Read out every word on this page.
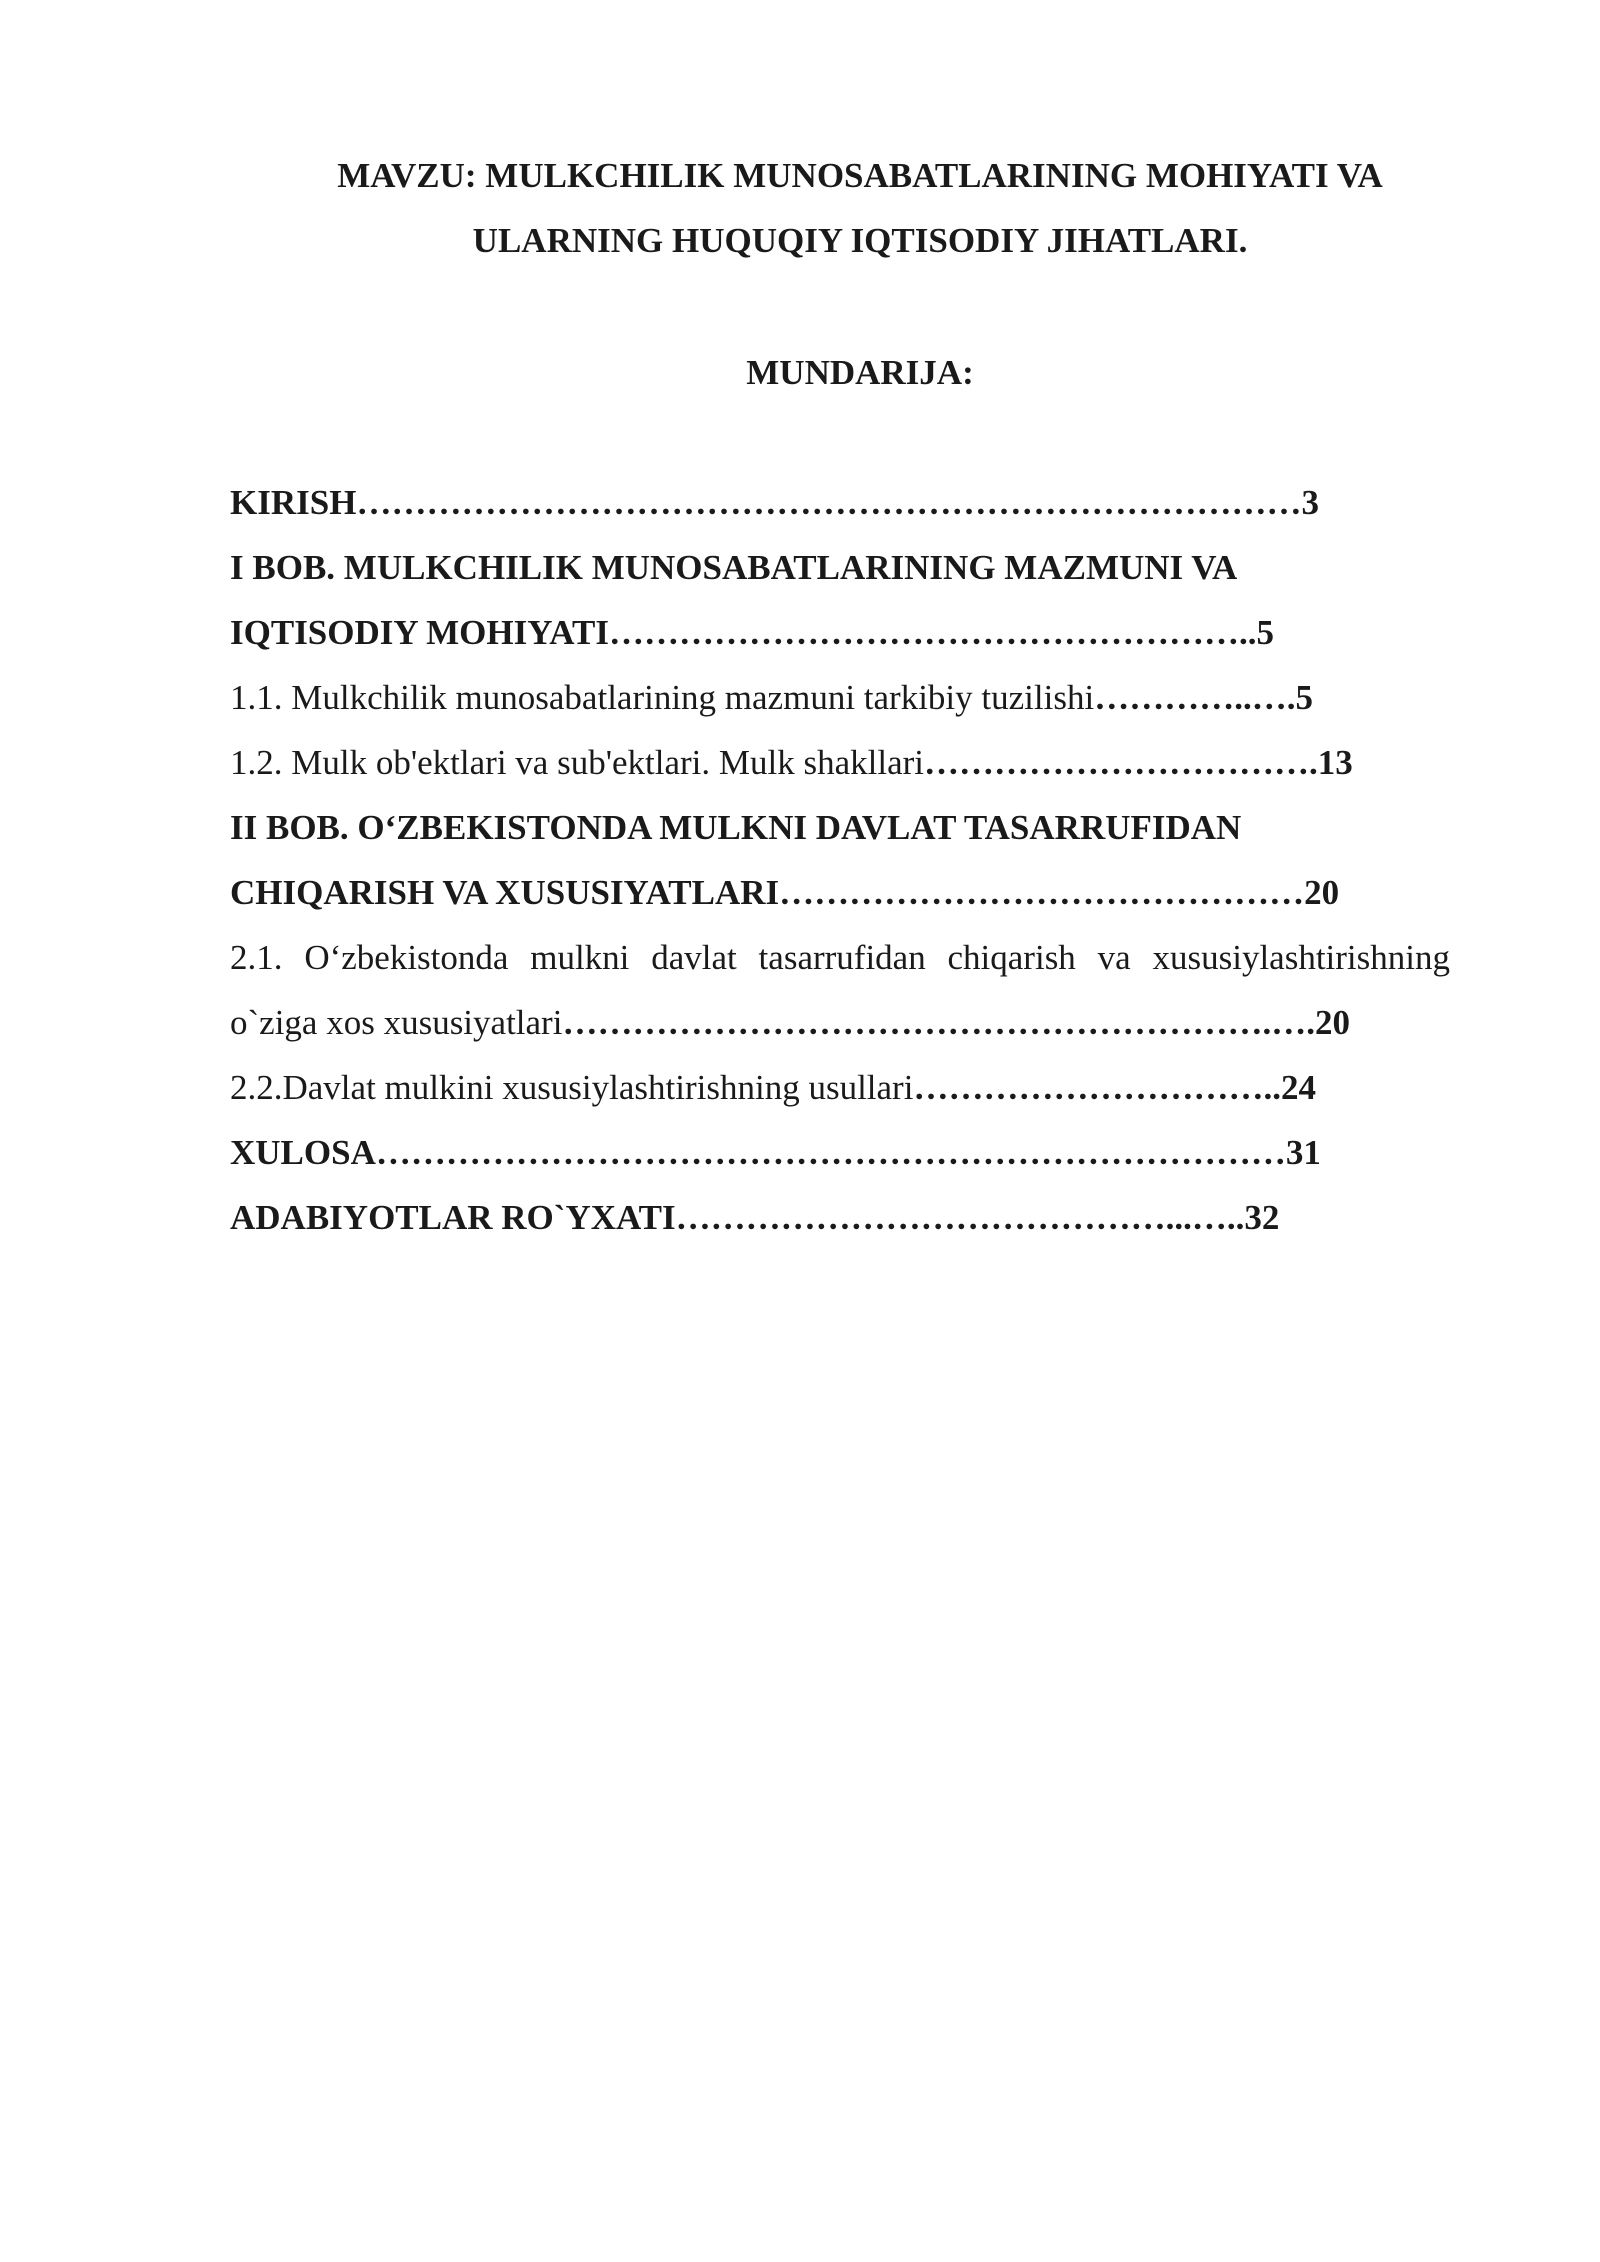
MAVZU: MULKCHILIK MUNOSABATLARINING MOHIYATI VA
ULARNING HUQUQIY IQTISODIY JIHATLARI.
MUNDARIJA:
KIRISH………………………………………………………………………3
I BOB. MULKCHILIK MUNOSABATLARINING MAZMUNI VA
IQTISODIY MOHIYATI………………………………………………..5
1.1. Mulkchilik munosabatlarining mazmuni tarkibiy tuzilishi…………..….5
1.2. Mulk ob'ektlari va sub'ektlari. Mulk shakllari…………………………….13
II BOB. O‘ZBEKISTONDA MULKNI DAVLAT TASARRUFIDAN
CHIQARISH VA XUSUSIYATLARI………………………………………20
2.1. O‘zbekistonda mulkni davlat tasarrufidan chiqarish va xususiylashtirishning
o`ziga xos xususiyatlari…………………………………………………….….20
2.2.Davlat mulkini xususiylashtirishning usullari…………………………..24
XULOSA……………………………………………………………………31
ADABIYOTLAR RO`YXATI……………………………………...…..32
